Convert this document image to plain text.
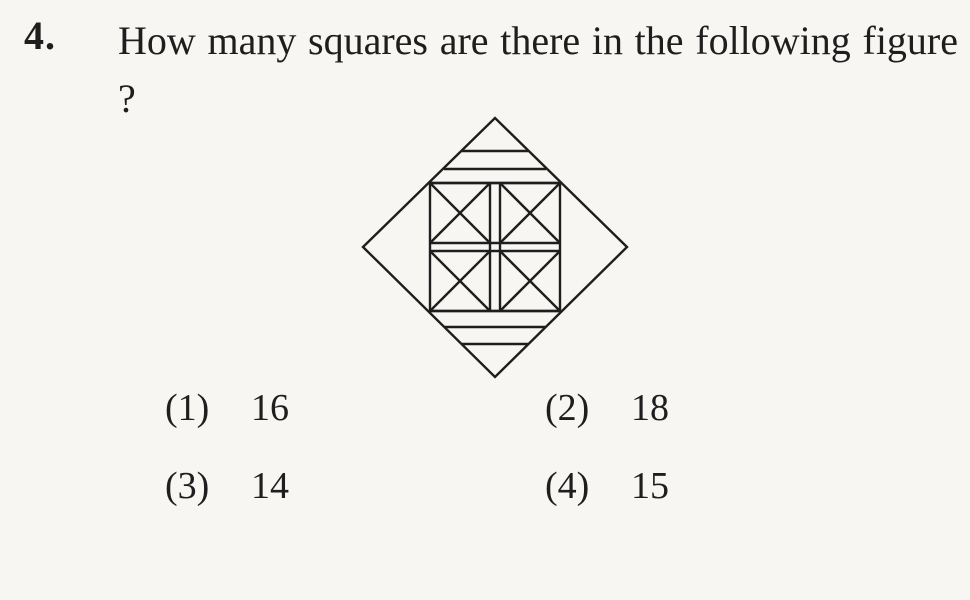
4. How many squares are there in the following figure ?
(1) 16	(2) 18
(3) 14	(4) 15
